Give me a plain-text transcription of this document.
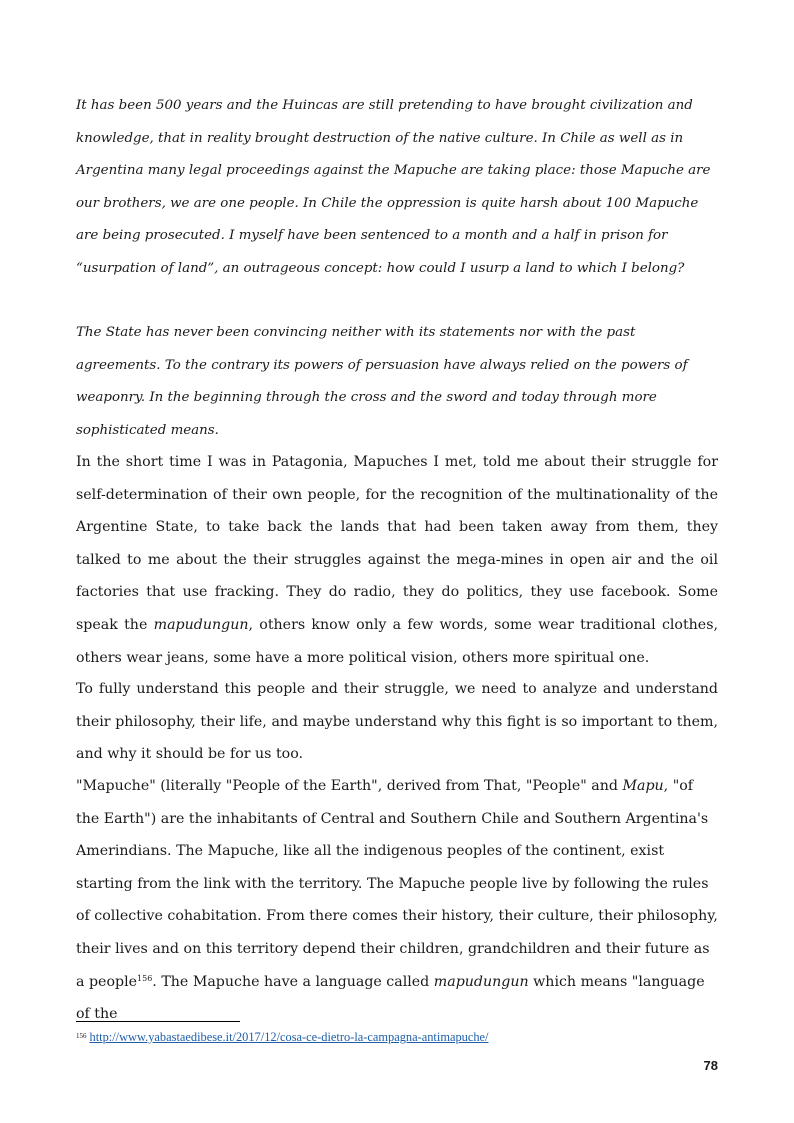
It has been 500 years and the Huincas are still pretending to have brought civilization and knowledge, that in reality brought destruction of the native culture. In Chile as well as in Argentina many legal proceedings against the Mapuche are taking place: those Mapuche are our brothers, we are one people. In Chile the oppression is quite harsh about 100 Mapuche are being prosecuted. I myself have been sentenced to a month and a half in prison for “usurpation of land”, an outrageous concept: how could I usurp a land to which I belong?

The State has never been convincing neither with its statements nor with the past agreements. To the contrary its powers of persuasion have always relied on the powers of weaponry. In the beginning through the cross and the sword and today through more sophisticated means.

In the short time I was in Patagonia, Mapuches I met, told me about their struggle for self-determination of their own people, for the recognition of the multinationality of the Argentine State, to take back the lands that had been taken away from them, they talked to me about the their struggles against the mega-mines in open air and the oil factories that use fracking. They do radio, they do politics, they use facebook. Some speak the mapudungun, others know only a few words, some wear traditional clothes, others wear jeans, some have a more political vision, others more spiritual one.

To fully understand this people and their struggle, we need to analyze and understand their philosophy, their life, and maybe understand why this fight is so important to them, and why it should be for us too.

"Mapuche" (literally "People of the Earth", derived from That, "People" and Mapu, "of the Earth") are the inhabitants of Central and Southern Chile and Southern Argentina's Amerindians. The Mapuche, like all the indigenous peoples of the continent, exist starting from the link with the territory. The Mapuche people live by following the rules of collective cohabitation. From there comes their history, their culture, their philosophy, their lives and on this territory depend their children, grandchildren and their future as a people$^{156}$. The Mapuche have a language called mapudungun which means "language of the

$^{156}$ http://www.yabastaedibese.it/2017/12/cosa-ce-dietro-la-campagna-antimapuche/

78
